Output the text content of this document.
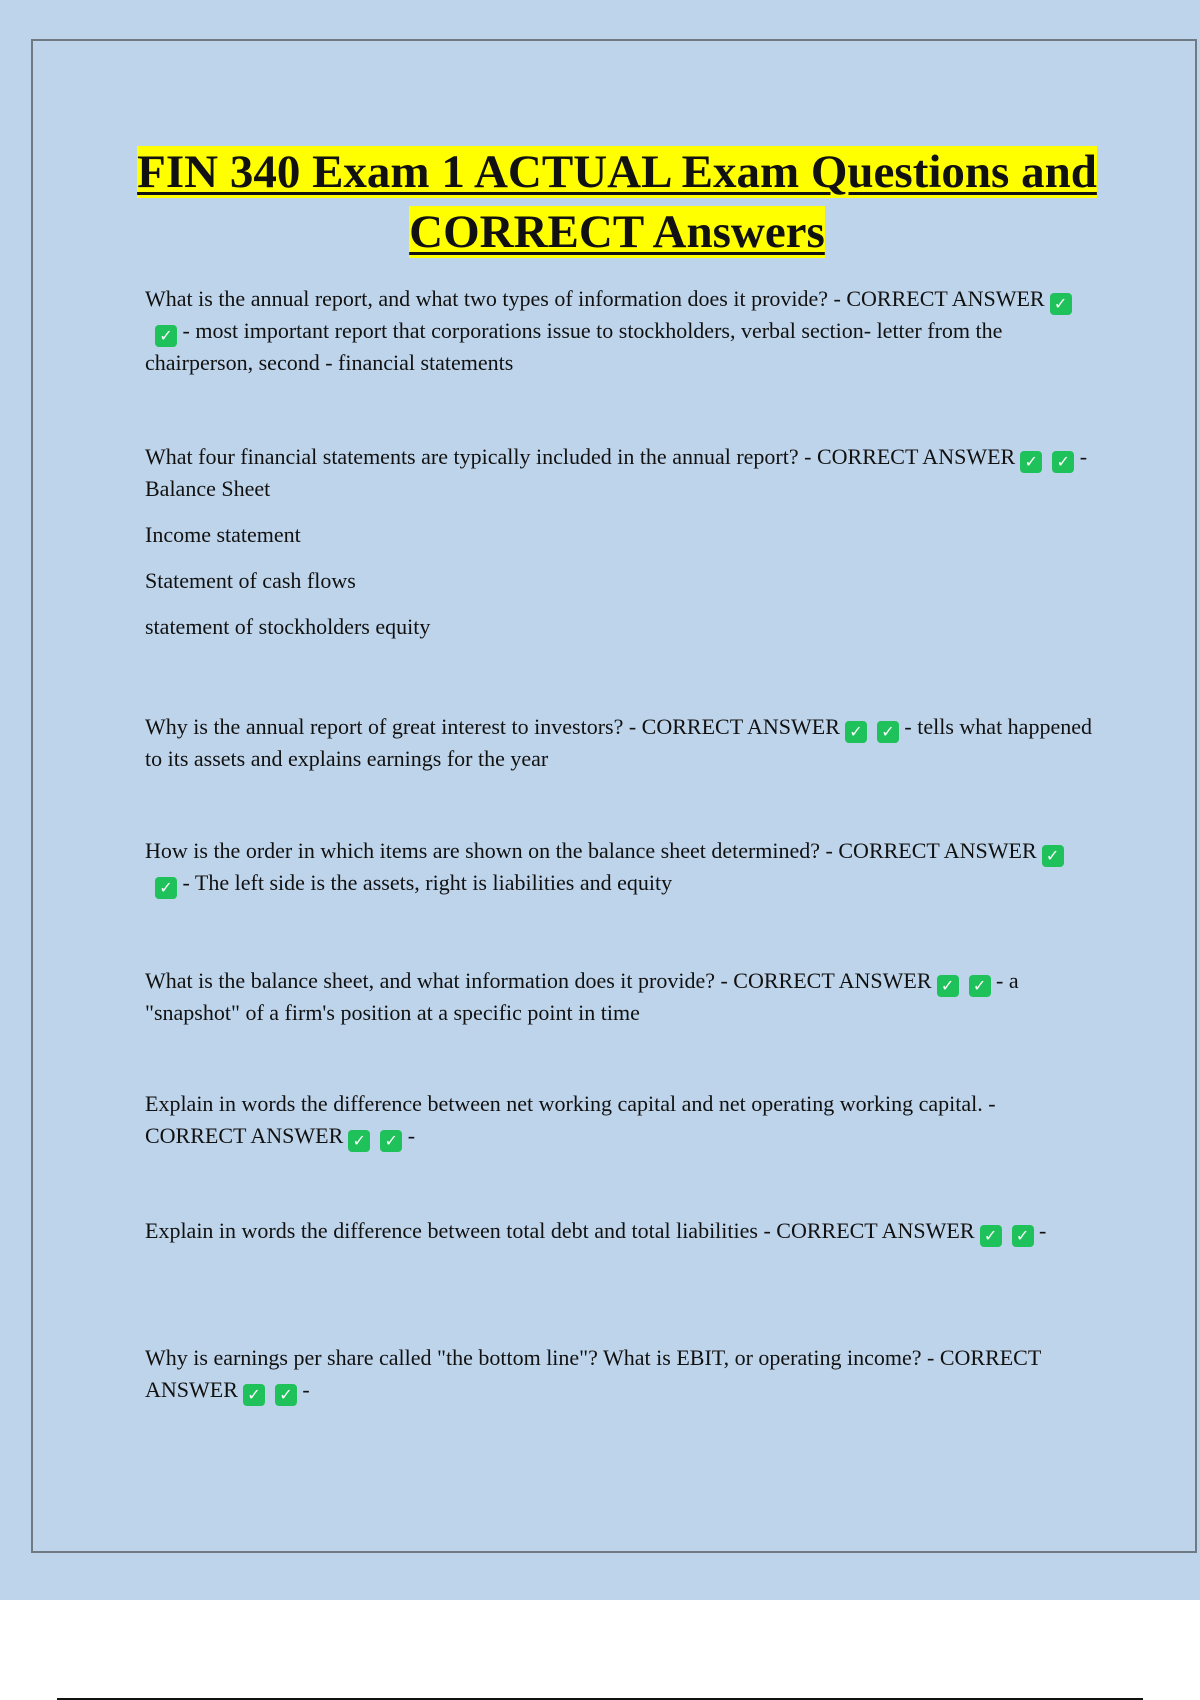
FIN 340 Exam 1 ACTUAL Exam Questions and CORRECT Answers

What is the annual report, and what two types of information does it provide? - CORRECT ANSWER ✓✓ - most important report that corporations issue to stockholders, verbal section- letter from the chairperson, second - financial statements

What four financial statements are typically included in the annual report? - CORRECT ANSWER ✓ ✓ - Balance Sheet

Income statement

Statement of cash flows

statement of stockholders equity

Why is the annual report of great interest to investors? - CORRECT ANSWER ✓ ✓ - tells what happened to its assets and explains earnings for the year

How is the order in which items are shown on the balance sheet determined? - CORRECT ANSWER ✓✓ - The left side is the assets, right is liabilities and equity

What is the balance sheet, and what information does it provide? - CORRECT ANSWER ✓ ✓ - a "snapshot" of a firm's position at a specific point in time

Explain in words the difference between net working capital and net operating working capital. - CORRECT ANSWER ✓ ✓ -

Explain in words the difference between total debt and total liabilities - CORRECT ANSWER ✓ ✓ -

Why is earnings per share called "the bottom line"? What is EBIT, or operating income? - CORRECT ANSWER ✓ ✓ -
